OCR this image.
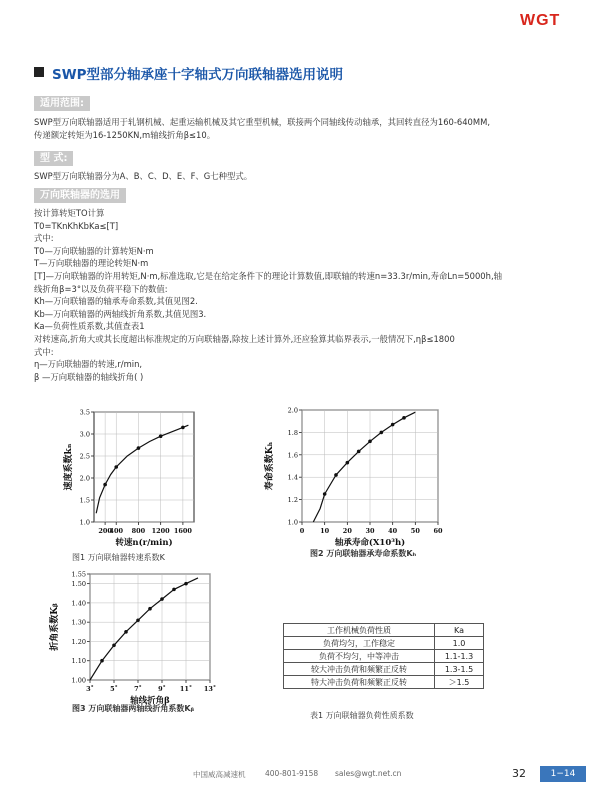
WGT
SWP型部分轴承座十字轴式万向联轴器选用说明
适用范围:
SWP型万向联轴器适用于轧钢机械、起重运输机械及其它重型机械，联接两个同轴线传动轴承，其回转直径为160-640MM,
传递额定转矩为16-1250KN,m轴线折角β≤10。
型 式:
SWP型万向联轴器分为A、B、C、D、E、F、G七种型式。
万向联轴器的选用
按计算转矩TO计算
T0=TKnKhKbKa≤[T]
式中:
T0—万向联轴器的计算转矩N·m
T—万向联轴器的理论转矩N·m
[T]—万向联轴器的许用转矩,N·m,标准选取,它是在给定条件下的理论计算数值,即联轴的转速n=33.3r/min,寿命Ln=5000h,轴
线折角β=3°以及负荷平稳下的数值:
Kh—万向联轴器的轴承寿命系数,其值见图2.
Kb—万向联轴器的两轴线折角系数,其值见图3.
Ka—负荷性质系数,其值查表1
对转速高,折角大或其长度超出标准规定的万向联轴器,除按上述计算外,还应验算其临界表示,一般情况下,ηβ≤1800
式中:
η—万向联轴器的转速,r/min,
β —万向联轴器的轴线折角( )
1.0
1.5
2.0
2.5
3.0
3.5
200
400 800 1200 1600
转速n(r/min)
速度系数kₙ
图1 万向联轴器转速系数K
1.0
1.2
1.4
1.6
1.8
2.0
0 10 20 30 40 50 60
轴承寿命(X10³h)
寿命系数Kₕ
图2 万向联轴器承寿命系数Kₕ
1.00
1.10
1.20
1.30
1.40
1.50
1.55
3˚ 5˚ 7˚ 9˚ 11˚ 13˚
轴线折角β
折角系数Kᵦ
图3 万向联轴器两轴线折角系数Kᵦ
工作机械负荷性质	Ka
负荷均匀，工作稳定	1.0
负荷不均匀，中等冲击	1.1-1.3
较大冲击负荷和频繁正反转	1.3-1.5
特大冲击负荷和频繁正反转	＞1.5
表1 万向联轴器负荷性质系数
中国威高减速机	400-801-9158 sales@wgt.net.cn	32	1−14
